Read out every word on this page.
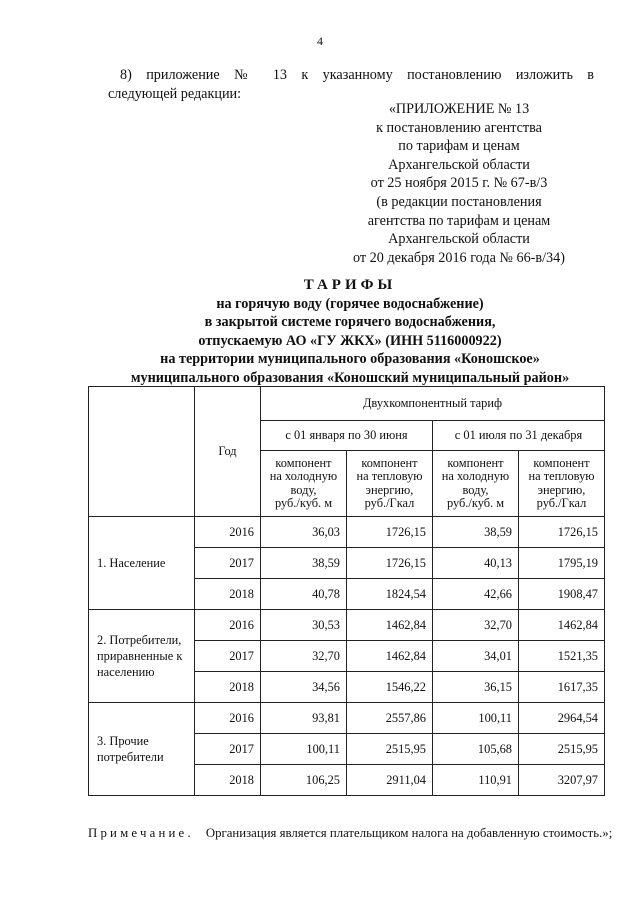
4
8) приложение № 13 к указанному постановлению изложить в
следующей редакции:
«ПРИЛОЖЕНИЕ № 13
к постановлению агентства
по тарифам и ценам
Архангельской области
от 25 ноября 2015 г. № 67-в/3
(в редакции постановления
агентства по тарифам и ценам
Архангельской области
от 20 декабря 2016 года № 66-в/34)
ТАРИФЫ
на горячую воду (горячее водоснабжение)
в закрытой системе горячего водоснабжения,
отпускаемую АО «ГУ ЖКХ» (ИНН 5116000922)
на территории муниципального образования «Коношское»
муниципального образования «Коношский муниципальный район»
	Год	Двухкомпонентный тариф			
		с 01 января по 30 июня		с 01 июля по 31 декабря	
		компонент
на холодную
воду,
руб./куб. м	компонент
на тепловую
энергию,
руб./Гкал	компонент
на холодную
воду,
руб./куб. м	компонент
на тепловую
энергию,
руб./Гкал
1. Население	2016	36,03	1726,15	38,59	1726,15
	2017	38,59	1726,15	40,13	1795,19
	2018	40,78	1824,54	42,66	1908,47
2. Потребители,
приравненные к
населению	2016	30,53	1462,84	32,70	1462,84
	2017	32,70	1462,84	34,01	1521,35
	2018	34,56	1546,22	36,15	1617,35
3. Прочие
потребители	2016	93,81	2557,86	100,11	2964,54
	2017	100,11	2515,95	105,68	2515,95
	2018	106,25	2911,04	110,91	3207,97
Примечание. Организация является плательщиком налога на добавленную стоимость.»;
